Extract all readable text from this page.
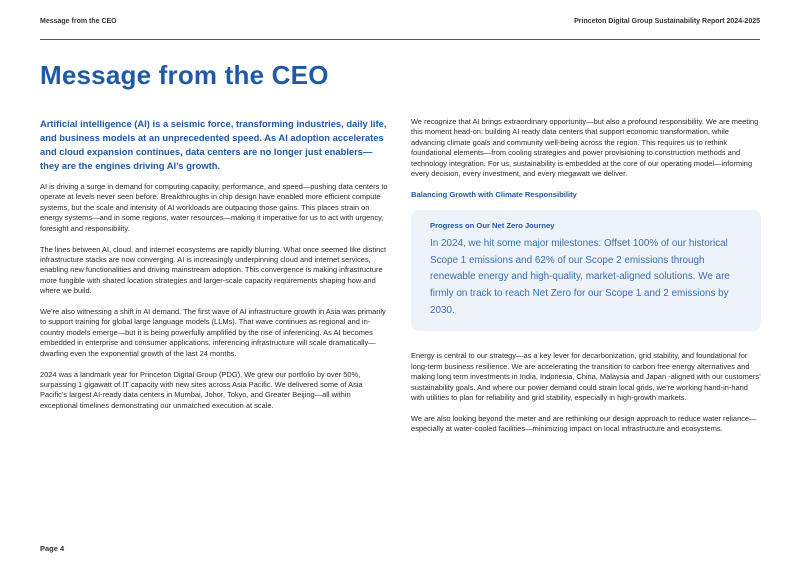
Message from the CEO	Princeton Digital Group Sustainability Report 2024-2025
Message from the CEO

Artificial intelligence (AI) is a seismic force, transforming industries, daily life, and business models at an unprecedented speed. As AI adoption accelerates and cloud expansion continues, data centers are no longer just enablers—they are the engines driving AI’s growth.

AI is driving a surge in demand for computing capacity, performance, and speed—pushing data centers to operate at levels never seen before. Breakthroughs in chip design have enabled more efficient compute systems, but the scale and intensity of AI workloads are outpacing those gains. This places strain on energy systems—and in some regions, water resources—making it imperative for us to act with urgency, foresight and responsibility.

The lines between AI, cloud, and internet ecosystems are rapidly blurring. What once seemed like distinct infrastructure stacks are now converging. AI is increasingly underpinning cloud and internet services, enabling new functionalities and driving mainstream adoption. This convergence is making infrastructure more fungible with shared location strategies and larger-scale capacity requirements shaping how and where we build.

We’re also witnessing a shift in AI demand. The first wave of AI infrastructure growth in Asia was primarily to support training for global large language models (LLMs). That wave continues as regional and in-country models emerge—but it is being powerfully amplified by the rise of inferencing. As AI becomes embedded in enterprise and consumer applications, inferencing infrastructure will scale dramatically—dwarfing even the exponential growth of the last 24 months.

2024 was a landmark year for Princeton Digital Group (PDG). We grew our portfolio by over 50%, surpassing 1 gigawatt of IT capacity with new sites across Asia Pacific. We delivered some of Asia Pacific’s largest AI-ready data centers in Mumbai, Johor, Tokyo, and Greater Beijing—all within exceptional timelines demonstrating our unmatched execution at scale.

We recognize that AI brings extraordinary opportunity—but also a profound responsibility. We are meeting this moment head-on: building AI ready data centers that support economic transformation, while advancing climate goals and community well-being across the region. This requires us to rethink foundational elements—from cooling strategies and power provisioning to construction methods and technology integration. For us, sustainability is embedded at the core of our operating model—informing every decision, every investment, and every megawatt we deliver.

Balancing Growth with Climate Responsibility
Progress on Our Net Zero Journey

In 2024, we hit some major milestones: Offset 100% of our historical Scope 1 emissions and 62% of our Scope 2 emissions through renewable energy and high-quality, market-aligned solutions. We are firmly on track to reach Net Zero for our Scope 1 and 2 emissions by 2030.

Energy is central to our strategy—as a key lever for decarbonization, grid stability, and foundational for long-term business resilience. We are accelerating the transition to carbon free energy alternatives and making long term investments in India, Indonesia, China, Malaysia and Japan -aligned with our customers’ sustainability goals. And where our power demand could strain local grids, we’re working hand-in-hand with utilities to plan for reliability and grid stability, especially in high-growth markets.

We are also looking beyond the meter and are rethinking our design approach to reduce water reliance—especially at water-cooled facilities—minimizing impact on local infrastructure and ecosystems.

Page 4
